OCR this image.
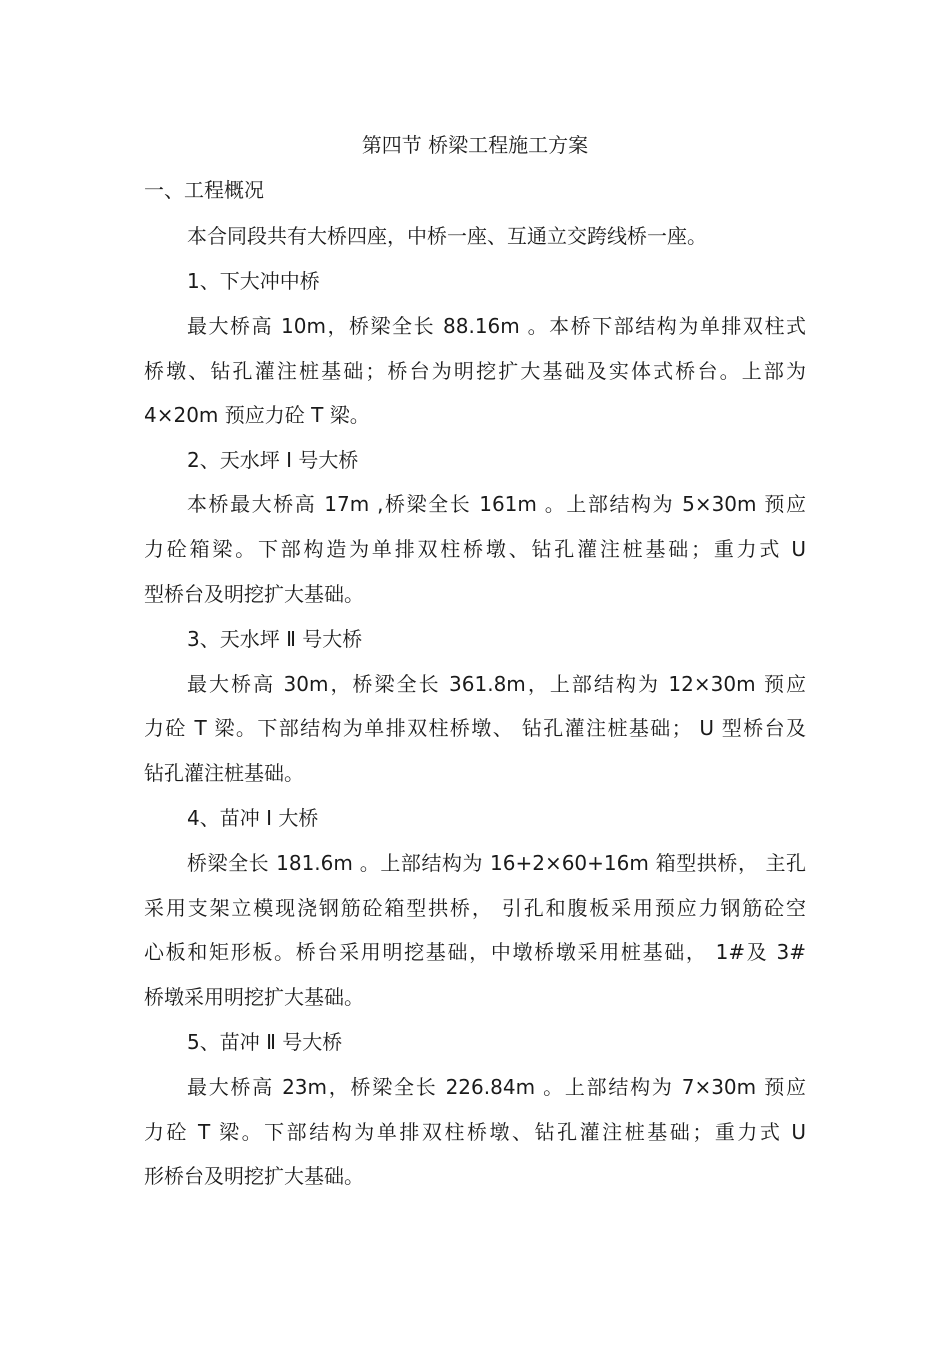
第四节 桥梁工程施工方案
一、工程概况
本合同段共有大桥四座，中桥一座、互通立交跨线桥一座。
1、下大冲中桥
最大桥高 10m，桥梁全长 88.16m 。本桥下部结构为单排双柱式
桥墩、钻孔灌注桩基础；桥台为明挖扩大基础及实体式桥台。上部为
4×20m 预应力砼 T 梁。
2、天水坪 Ⅰ 号大桥
本桥最大桥高 17m ,桥梁全长 161m 。上部结构为 5×30m 预应
力砼箱梁。下部构造为单排双柱桥墩、钻孔灌注桩基础；重力式 U
型桥台及明挖扩大基础。
3、天水坪 Ⅱ 号大桥
最大桥高 30m，桥梁全长 361.8m，上部结构为 12×30m 预应
力砼 T 梁。下部结构为单排双柱桥墩、 钻孔灌注桩基础； U 型桥台及
钻孔灌注桩基础。
4、苗冲 Ⅰ 大桥
桥梁全长 181.6m 。上部结构为 16+2×60+16m 箱型拱桥， 主孔
采用支架立模现浇钢筋砼箱型拱桥， 引孔和腹板采用预应力钢筋砼空
心板和矩形板。桥台采用明挖基础，中墩桥墩采用桩基础， 1#及 3#
桥墩采用明挖扩大基础。
5、苗冲 Ⅱ 号大桥
最大桥高 23m，桥梁全长 226.84m 。上部结构为 7×30m 预应
力砼 T 梁。下部结构为单排双柱桥墩、钻孔灌注桩基础；重力式 U
形桥台及明挖扩大基础。
